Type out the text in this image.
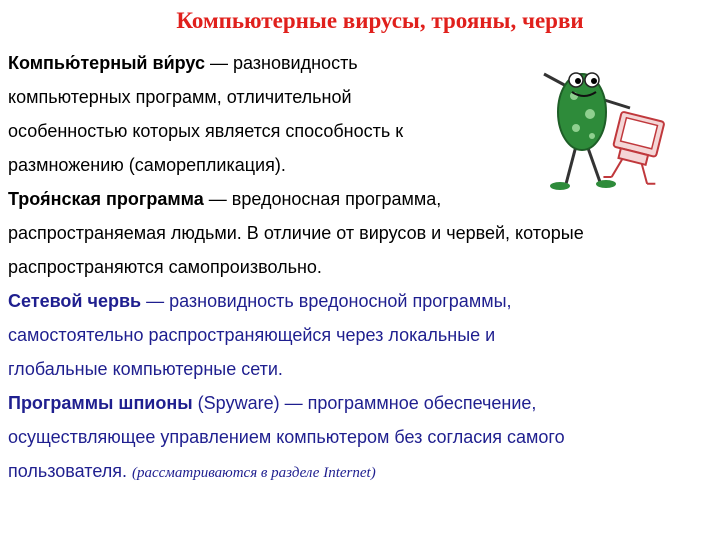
Компьютерные вирусы, трояны, черви
Компью́терный ви́рус — разновидность
компьютерных программ, отличительной
особенностью которых является способность к
размножению (саморепликация).
Троя́нская программа — вредоносная программа,
распространяемая людьми. В отличие от вирусов и червей, которые
распространяются самопроизвольно.
Сетевой червь — разновидность вредоносной программы,
самостоятельно распространяющейся через локальные и
глобальные компьютерные сети.
Программы шпионы (Spyware) — программное обеспечение,
осуществляющее управлением компьютером без согласия самого
пользователя. (рассматриваются в разделе Internet)
